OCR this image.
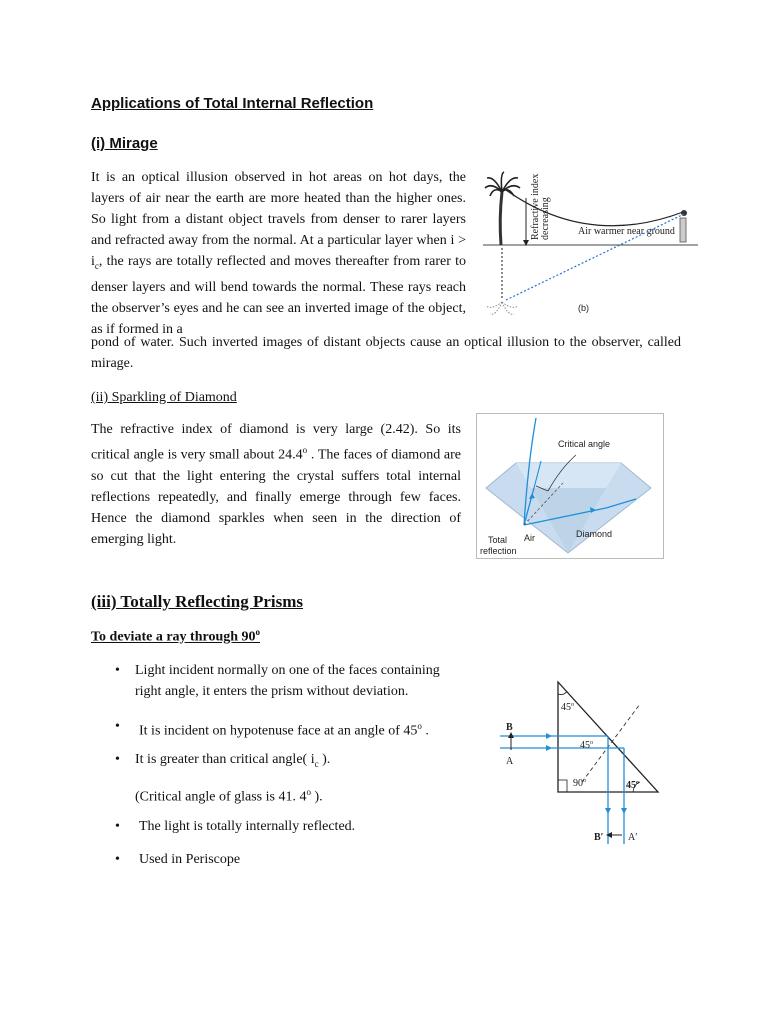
Applications of Total Internal Reflection
(i) Mirage

It is an optical illusion observed in hot areas on hot days, the layers of air near the earth are more heated than the higher ones. So light from a distant object travels from denser to rarer layers and refracted away from the normal. At a particular layer when $i > i_c$, the rays are totally reflected and moves thereafter from rarer to denser layers and will bend towards the normal. These rays reach the observer’s eyes and he can see an inverted image of the object, as if formed in a

pond of water. Such inverted images of distant objects cause an optical illusion to the observer, called mirage.

Refractive index decreasing	Air warmer near ground
(b)

(ii) Sparkling of Diamond

The refractive index of diamond is very large (2.42). So its critical angle is very small about 24.4$^o$ . The faces of diamond are so cut that the light entering the crystal suffers total internal reflections repeatedly, and finally emerge through few faces. Hence the diamond sparkles when seen in the direction of emerging light.

Critical angle
Air	Diamond
Total
reflection
(iii) Totally Reflecting Prisms

To deviate a ray through 90$^o$

• Light incident normally on one of the faces containing

right angle, it enters the prism without deviation.

• It is incident on hypotenuse face at an angle of 45$^o$ .

• It is greater than critical angle( $i_c$ ).

(Critical angle of glass is 41. 4$^o$ ).

• The light is totally internally reflected.

• Used in Periscope

B
A
B′ A′
45$^o$
45$^o$
90$^o$	45$^o$
